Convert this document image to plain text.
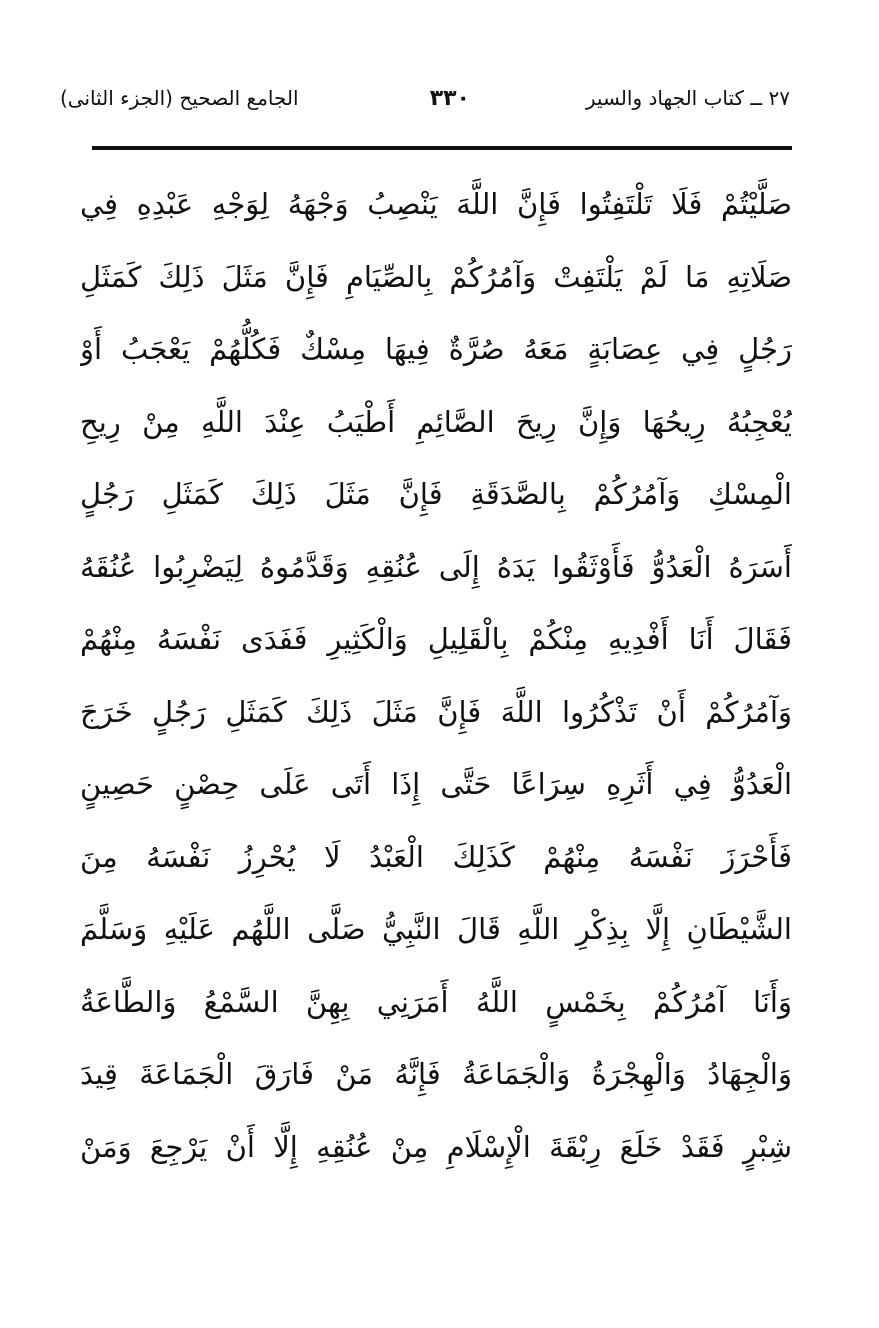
٢٧ ــ كتاب الجهاد والسير
٣٣٠
الجامع الصحيح (الجزء الثانى)
صَلَّيْتُمْ فَلَا تَلْتَفِتُوا فَإِنَّ اللَّهَ يَنْصِبُ وَجْهَهُ لِوَجْهِ عَبْدِهِ فِي
صَلَاتِهِ مَا لَمْ يَلْتَفِتْ وَآمُرُكُمْ بِالصِّيَامِ فَإِنَّ مَثَلَ ذَلِكَ كَمَثَلِ
رَجُلٍ فِي عِصَابَةٍ مَعَهُ صُرَّةٌ فِيهَا مِسْكٌ فَكُلُّهُمْ يَعْجَبُ أَوْ
يُعْجِبُهُ رِيحُهَا وَإِنَّ رِيحَ الصَّائِمِ أَطْيَبُ عِنْدَ اللَّهِ مِنْ رِيحِ
الْمِسْكِ وَآمُرُكُمْ بِالصَّدَقَةِ فَإِنَّ مَثَلَ ذَلِكَ كَمَثَلِ رَجُلٍ
أَسَرَهُ الْعَدُوُّ فَأَوْثَقُوا يَدَهُ إِلَى عُنُقِهِ وَقَدَّمُوهُ لِيَضْرِبُوا عُنُقَهُ
فَقَالَ أَنَا أَفْدِيهِ مِنْكُمْ بِالْقَلِيلِ وَالْكَثِيرِ فَفَدَى نَفْسَهُ مِنْهُمْ
وَآمُرُكُمْ أَنْ تَذْكُرُوا اللَّهَ فَإِنَّ مَثَلَ ذَلِكَ كَمَثَلِ رَجُلٍ خَرَجَ
الْعَدُوُّ فِي أَثَرِهِ سِرَاعًا حَتَّى إِذَا أَتَى عَلَى حِصْنٍ حَصِينٍ
فَأَحْرَزَ نَفْسَهُ مِنْهُمْ كَذَلِكَ الْعَبْدُ لَا يُحْرِزُ نَفْسَهُ مِنَ
الشَّيْطَانِ إِلَّا بِذِكْرِ اللَّهِ قَالَ النَّبِيُّ صَلَّى اللَّهُم عَلَيْهِ وَسَلَّمَ
وَأَنَا آمُرُكُمْ بِخَمْسٍ اللَّهُ أَمَرَنِي بِهِنَّ السَّمْعُ وَالطَّاعَةُ
وَالْجِهَادُ وَالْهِجْرَةُ وَالْجَمَاعَةُ فَإِنَّهُ مَنْ فَارَقَ الْجَمَاعَةَ قِيدَ
شِبْرٍ فَقَدْ خَلَعَ رِبْقَةَ الْإِسْلَامِ مِنْ عُنُقِهِ إِلَّا أَنْ يَرْجِعَ وَمَنْ
